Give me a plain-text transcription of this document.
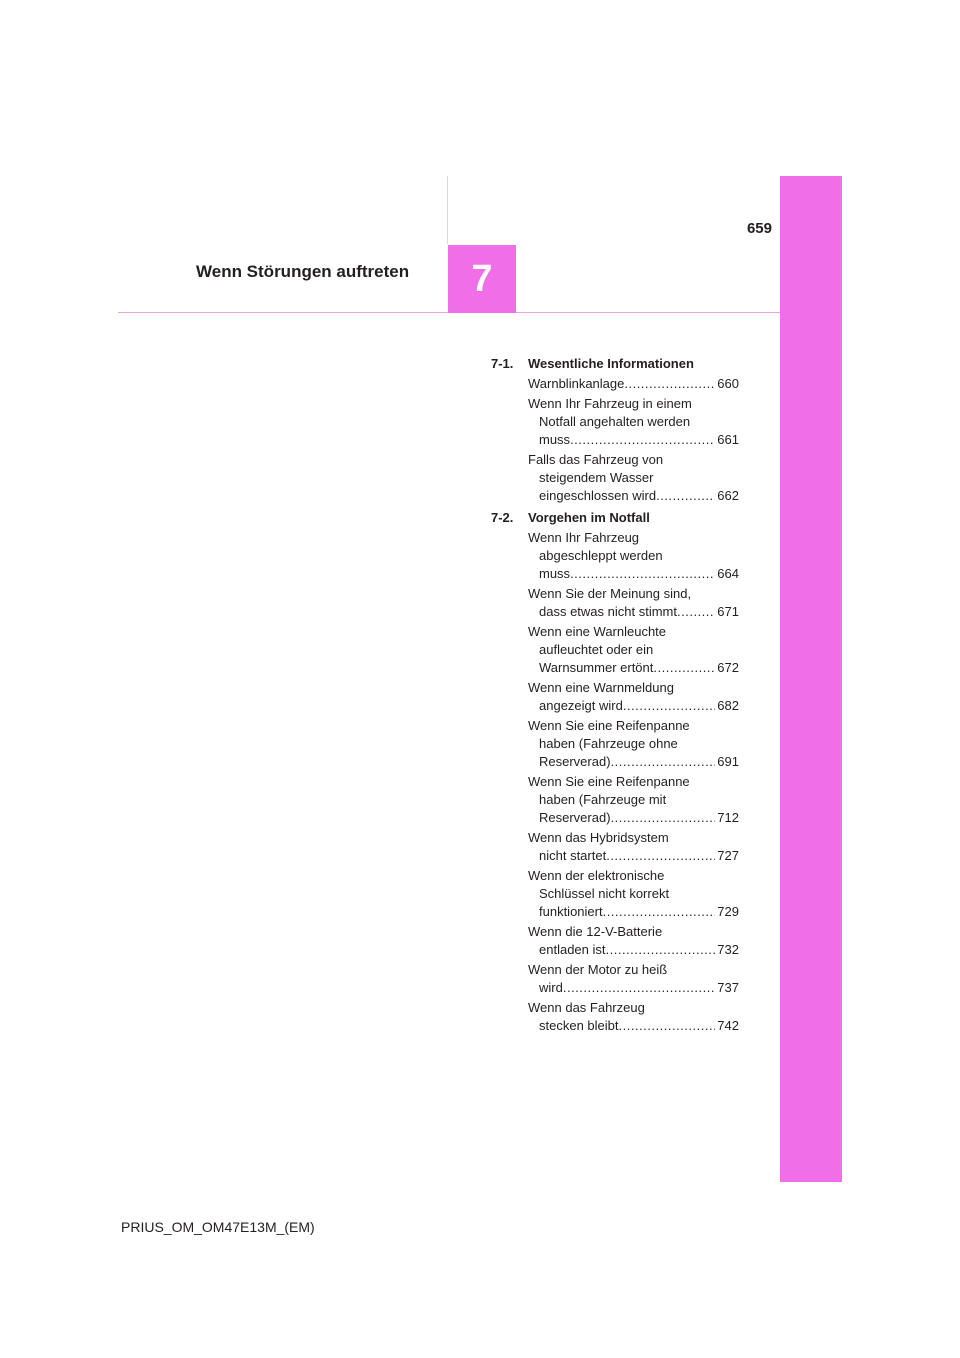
659
Wenn Störungen auftreten 7
7-1.	Wesentliche Informationen
Warnblinkanlage .....	660
Wenn Ihr Fahrzeug in einem
Notfall angehalten werden
muss .....	661
Falls das Fahrzeug von
steigendem Wasser
eingeschlossen wird .....	662
7-2.	Vorgehen im Notfall
Wenn Ihr Fahrzeug
abgeschleppt werden
muss .....	664
Wenn Sie der Meinung sind,
dass etwas nicht stimmt .....	671
Wenn eine Warnleuchte
aufleuchtet oder ein
Warnsummer ertönt .....	672
Wenn eine Warnmeldung
angezeigt wird .....	682
Wenn Sie eine Reifenpanne
haben (Fahrzeuge ohne
Reserverad) .....	691
Wenn Sie eine Reifenpanne
haben (Fahrzeuge mit
Reserverad) .....	712
Wenn das Hybridsystem
nicht startet .....	727
Wenn der elektronische
Schlüssel nicht korrekt
funktioniert .....	729
Wenn die 12-V-Batterie
entladen ist .....	732
Wenn der Motor zu heiß
wird .....	737
Wenn das Fahrzeug
stecken bleibt .....	742
PRIUS_OM_OM47E13M_(EM)
